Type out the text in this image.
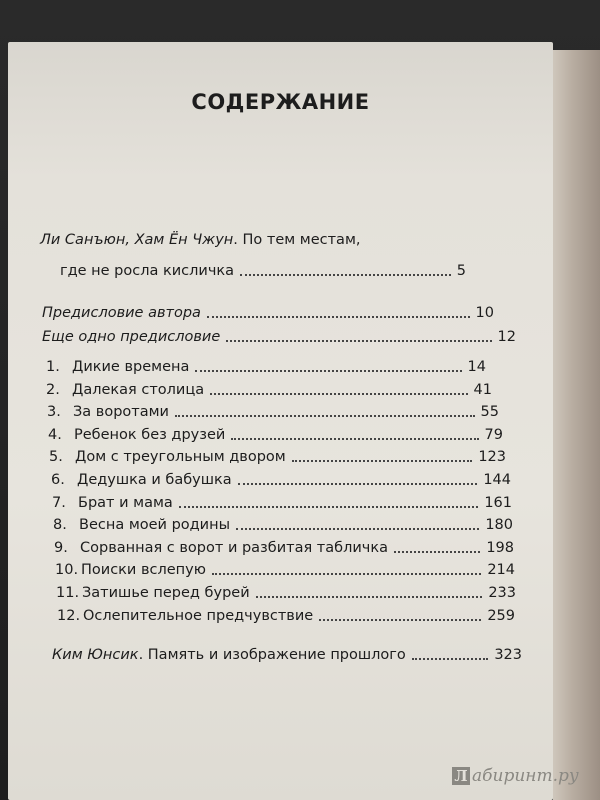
СОДЕРЖАНИЕ
Ли Санъюн, Хам Ён Чжун. По тем местам,
где не росла кисличка	5
Предисловие автора	10
Еще одно предисловие	12
1. Дикие времена	14
2. Далекая столица	41
3. За воротами	55
4. Ребенок без друзей	79
5. Дом с треугольным двором	123
6. Дедушка и бабушка	144
7. Брат и мама	161
8. Весна моей родины	180
9. Сорванная с ворот и разбитая табличка	198
10. Поиски вслепую	214
11. Затишье перед бурей	233
12. Ослепительное предчувствие	259
Ким Юнсик. Память и изображение прошлого	323
Л абиринт.ру
